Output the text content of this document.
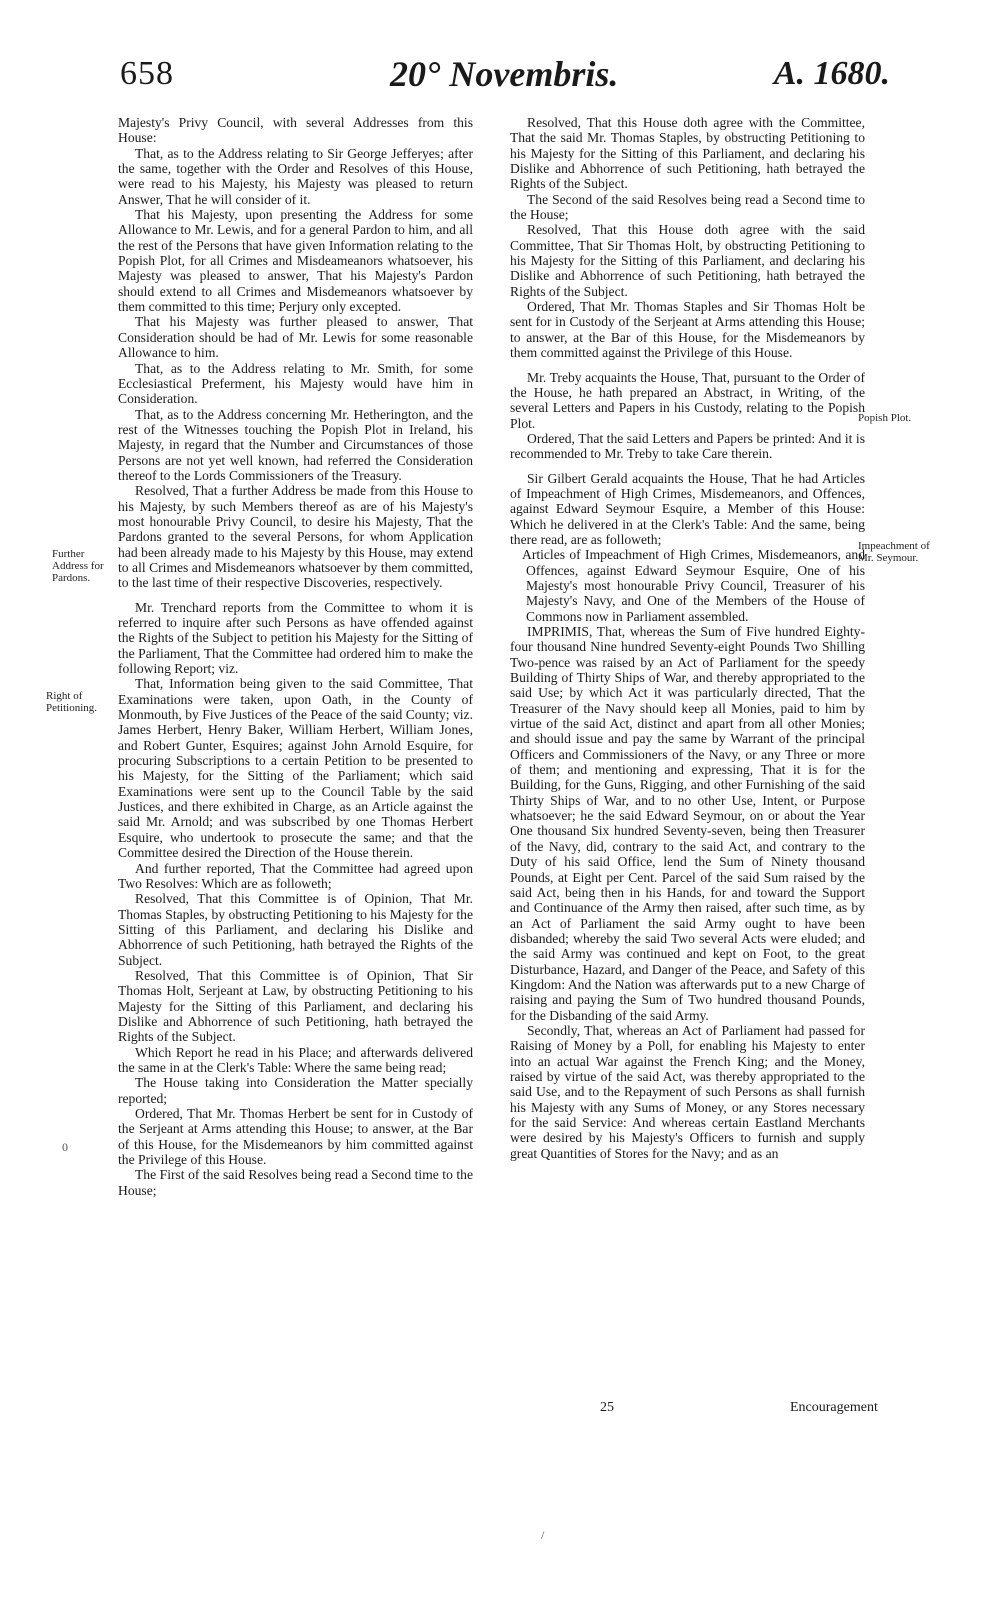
658	20° Novembris.	A. 1680.

Majesty's Privy Council, with several Addresses from this House:

That, as to the Address relating to Sir George Jefferyes; after the same, together with the Order and Resolves of this House, were read to his Majesty, his Majesty was pleased to return Answer, That he will consider of it.

That his Majesty, upon presenting the Address for some Allowance to Mr. Lewis, and for a general Pardon to him, and all the rest of the Persons that have given Information relating to the Popish Plot, for all Crimes and Misdeameanors whatsoever, his Majesty was pleased to answer, That his Majesty's Pardon should extend to all Crimes and Misdemeanors whatsoever by them committed to this time; Perjury only excepted.

That his Majesty was further pleased to answer, That Consideration should be had of Mr. Lewis for some reasonable Allowance to him.

That, as to the Address relating to Mr. Smith, for some Ecclesiastical Preferment, his Majesty would have him in Consideration.

That, as to the Address concerning Mr. Hetherington, and the rest of the Witnesses touching the Popish Plot in Ireland, his Majesty, in regard that the Number and Circumstances of those Persons are not yet well known, had referred the Consideration thereof to the Lords Commissioners of the Treasury.

Resolved, That a further Address be made from this House to his Majesty, by such Members thereof as are of his Majesty's most honourable Privy Council, to desire his Majesty, That the Pardons granted to the several Persons, for whom Application had been already made to his Majesty by this House, may extend to all Crimes and Misdemeanors whatsoever by them committed, to the last time of their respective Discoveries, respectively.

Mr. Trenchard reports from the Committee to whom it is referred to inquire after such Persons as have offended against the Rights of the Subject to petition his Majesty for the Sitting of the Parliament, That the Committee had ordered him to make the following Report; viz.

That, Information being given to the said Committee, That Examinations were taken, upon Oath, in the County of Monmouth, by Five Justices of the Peace of the said County; viz. James Herbert, Henry Baker, William Herbert, William Jones, and Robert Gunter, Esquires; against John Arnold Esquire, for procuring Subscriptions to a certain Petition to be presented to his Majesty, for the Sitting of the Parliament; which said Examinations were sent up to the Council Table by the said Justices, and there exhibited in Charge, as an Article against the said Mr. Arnold; and was subscribed by one Thomas Herbert Esquire, who undertook to prosecute the same; and that the Committee desired the Direction of the House therein.

And further reported, That the Committee had agreed upon Two Resolves: Which are as followeth;

Resolved, That this Committee is of Opinion, That Mr. Thomas Staples, by obstructing Petitioning to his Majesty for the Sitting of this Parliament, and declaring his Dislike and Abhorrence of such Petitioning, hath betrayed the Rights of the Subject.

Resolved, That this Committee is of Opinion, That Sir Thomas Holt, Serjeant at Law, by obstructing Petitioning to his Majesty for the Sitting of this Parliament, and declaring his Dislike and Abhorrence of such Petitioning, hath betrayed the Rights of the Subject.

Which Report he read in his Place; and afterwards delivered the same in at the Clerk's Table: Where the same being read;

The House taking into Consideration the Matter specially reported;

Ordered, That Mr. Thomas Herbert be sent for in Custody of the Serjeant at Arms attending this House; to answer, at the Bar of this House, for the Misdemeanors by him committed against the Privilege of this House.

The First of the said Resolves being read a Second time to the House;

Resolved, That this House doth agree with the Committee, That the said Mr. Thomas Staples, by obstructing Petitioning to his Majesty for the Sitting of this Parliament, and declaring his Dislike and Abhorrence of such Petitioning, hath betrayed the Rights of the Subject.

The Second of the said Resolves being read a Second time to the House;

Resolved, That this House doth agree with the said Committee, That Sir Thomas Holt, by obstructing Petitioning to his Majesty for the Sitting of this Parliament, and declaring his Dislike and Abhorrence of such Petitioning, hath betrayed the Rights of the Subject.

Ordered, That Mr. Thomas Staples and Sir Thomas Holt be sent for in Custody of the Serjeant at Arms attending this House; to answer, at the Bar of this House, for the Misdemeanors by them committed against the Privilege of this House.

Mr. Treby acquaints the House, That, pursuant to the Order of the House, he hath prepared an Abstract, in Writing, of the several Letters and Papers in his Custody, relating to the Popish Plot.

Ordered, That the said Letters and Papers be printed: And it is recommended to Mr. Treby to take Care therein.

Sir Gilbert Gerald acquaints the House, That he had Articles of Impeachment of High Crimes, Misdemeanors, and Offences, against Edward Seymour Esquire, a Member of this House: Which he delivered in at the Clerk's Table: And the same, being there read, are as followeth;

Articles of Impeachment of High Crimes, Misdemeanors, and Offences, against Edward Seymour Esquire, One of his Majesty's most honourable Privy Council, Treasurer of his Majesty's Navy, and One of the Members of the House of Commons now in Parliament assembled.

IMPRIMIS, That, whereas the Sum of Five hundred Eighty-four thousand Nine hundred Seventy-eight Pounds Two Shilling Two-pence was raised by an Act of Parliament for the speedy Building of Thirty Ships of War, and thereby appropriated to the said Use; by which Act it was particularly directed, That the Treasurer of the Navy should keep all Monies, paid to him by virtue of the said Act, distinct and apart from all other Monies; and should issue and pay the same by Warrant of the principal Officers and Commissioners of the Navy, or any Three or more of them; and mentioning and expressing, That it is for the Building, for the Guns, Rigging, and other Furnishing of the said Thirty Ships of War, and to no other Use, Intent, or Purpose whatsoever; he the said Edward Seymour, on or about the Year One thousand Six hundred Seventy-seven, being then Treasurer of the Navy, did, contrary to the said Act, and contrary to the Duty of his said Office, lend the Sum of Ninety thousand Pounds, at Eight per Cent. Parcel of the said Sum raised by the said Act, being then in his Hands, for and toward the Support and Continuance of the Army then raised, after such time, as by an Act of Parliament the said Army ought to have been disbanded; whereby the said Two several Acts were eluded; and the said Army was continued and kept on Foot, to the great Disturbance, Hazard, and Danger of the Peace, and Safety of this Kingdom: And the Nation was afterwards put to a new Charge of raising and paying the Sum of Two hundred thousand Pounds, for the Disbanding of the said Army.

Secondly, That, whereas an Act of Parliament had passed for Raising of Money by a Poll, for enabling his Majesty to enter into an actual War against the French King; and the Money, raised by virtue of the said Act, was thereby appropriated to the said Use, and to the Repayment of such Persons as shall furnish his Majesty with any Sums of Money, or any Stores necessary for the said Service: And whereas certain Eastland Merchants were desired by his Majesty's Officers to furnish and supply great Quantities of Stores for the Navy; and as an

Further Address for Pardons.
Right of Petitioning.
Popish Plot.
Impeachment of Mr. Seymour.
0
/
25	Encouragement
